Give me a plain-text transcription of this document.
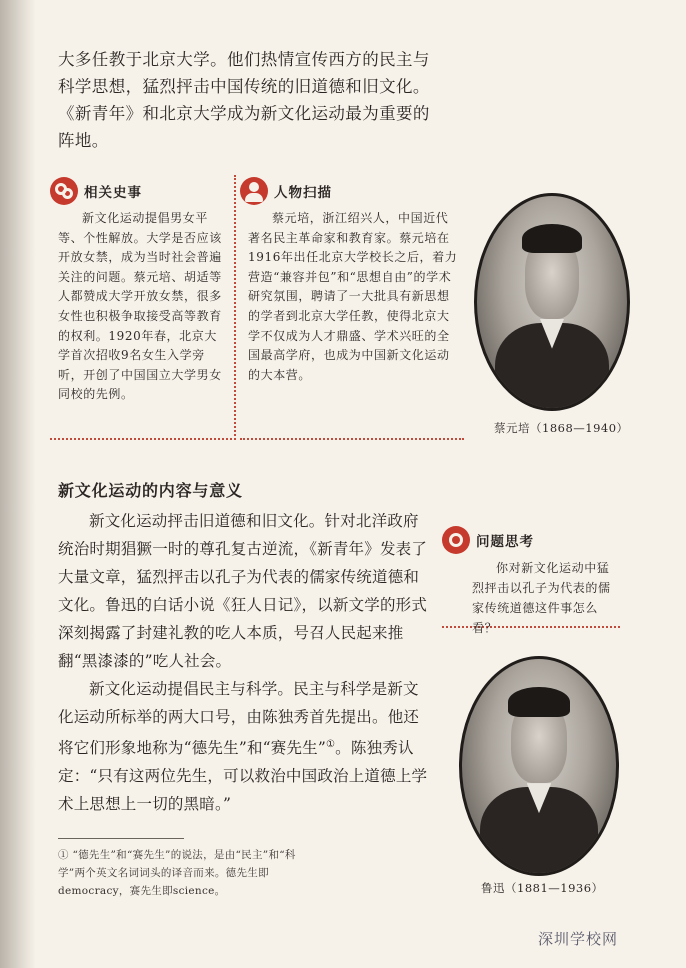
大多任教于北京大学。他们热情宣传西方的民主与科学思想，猛烈抨击中国传统的旧道德和旧文化。《新青年》和北京大学成为新文化运动最为重要的阵地。

相关史事

新文化运动提倡男女平等、个性解放。大学是否应该开放女禁，成为当时社会普遍关注的问题。蔡元培、胡适等人都赞成大学开放女禁，很多女性也积极争取接受高等教育的权利。1920年春，北京大学首次招收9名女生入学旁听，开创了中国国立大学男女同校的先例。

人物扫描

蔡元培，浙江绍兴人，中国近代著名民主革命家和教育家。蔡元培在1916年出任北京大学校长之后，着力营造“兼容并包”和“思想自由”的学术研究氛围，聘请了一大批具有新思想的学者到北京大学任教，使得北京大学不仅成为人才鼎盛、学术兴旺的全国最高学府，也成为中国新文化运动的大本营。

蔡元培（1868—1940）
新文化运动的内容与意义

新文化运动抨击旧道德和旧文化。针对北洋政府统治时期猖獗一时的尊孔复古逆流，《新青年》发表了大量文章，猛烈抨击以孔子为代表的儒家传统道德和文化。鲁迅的白话小说《狂人日记》，以新文学的形式深刻揭露了封建礼教的吃人本质，号召人民起来推翻“黑漆漆的”吃人社会。

新文化运动提倡民主与科学。民主与科学是新文化运动所标举的两大口号，由陈独秀首先提出。他还将它们形象地称为“德先生”和“赛先生”①。陈独秀认定：“只有这两位先生，可以救治中国政治上道德上学术上思想上一切的黑暗。”

问题思考

你对新文化运动中猛烈抨击以孔子为代表的儒家传统道德这件事怎么看？

鲁迅（1881—1936）
① “德先生”和“赛先生”的说法，是由“民主”和“科学”两个英文名词词头的译音而来。德先生即democracy，赛先生即science。
深圳学校网
